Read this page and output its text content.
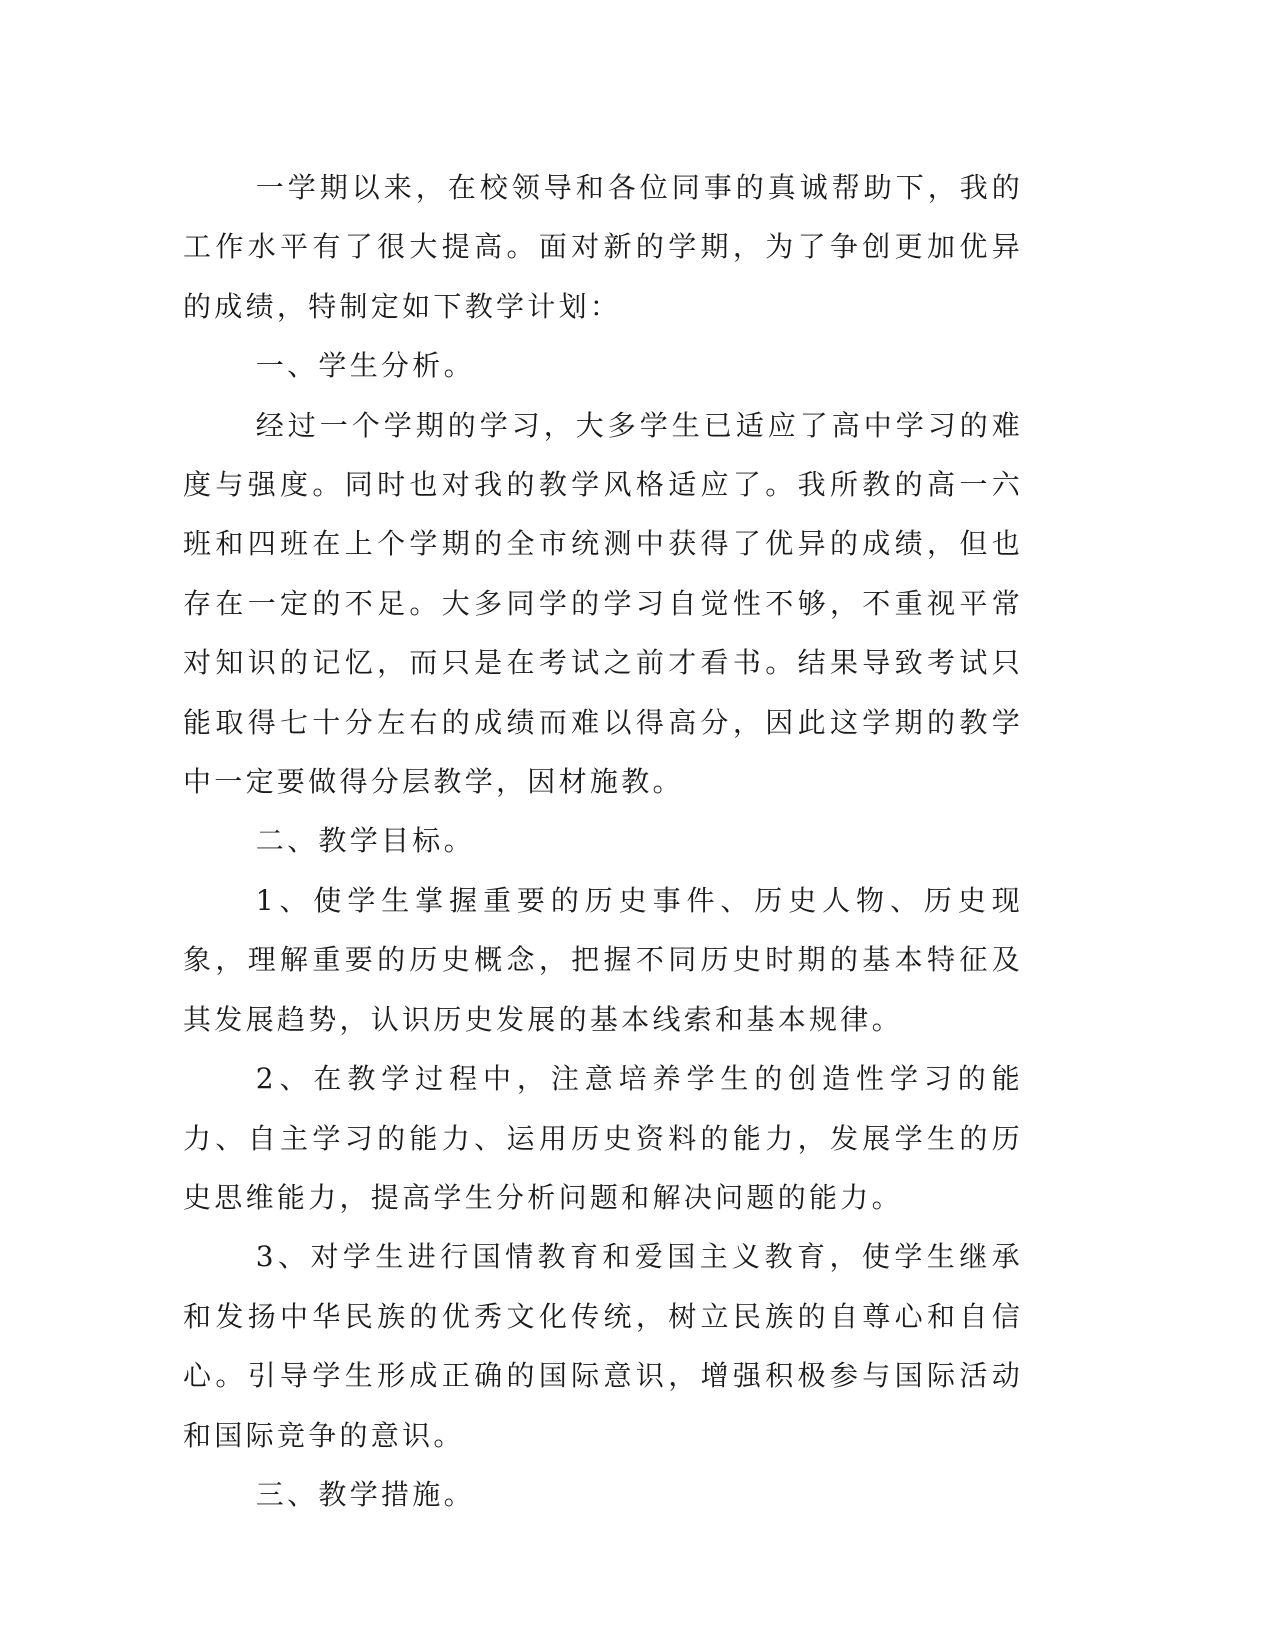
一学期以来，在校领导和各位同事的真诚帮助下，我的工作水平有了很大提高。面对新的学期，为了争创更加优异的成绩，特制定如下教学计划：

一、学生分析。

经过一个学期的学习，大多学生已适应了高中学习的难度与强度。同时也对我的教学风格适应了。我所教的高一六班和四班在上个学期的全市统测中获得了优异的成绩，但也存在一定的不足。大多同学的学习自觉性不够，不重视平常对知识的记忆，而只是在考试之前才看书。结果导致考试只能取得七十分左右的成绩而难以得高分，因此这学期的教学中一定要做得分层教学，因材施教。

二、教学目标。

1、使学生掌握重要的历史事件、历史人物、历史现象，理解重要的历史概念，把握不同历史时期的基本特征及其发展趋势，认识历史发展的基本线索和基本规律。

2、在教学过程中，注意培养学生的创造性学习的能力、自主学习的能力、运用历史资料的能力，发展学生的历史思维能力，提高学生分析问题和解决问题的能力。

3、对学生进行国情教育和爱国主义教育，使学生继承和发扬中华民族的优秀文化传统，树立民族的自尊心和自信心。引导学生形成正确的国际意识，增强积极参与国际活动和国际竞争的意识。

三、教学措施。
